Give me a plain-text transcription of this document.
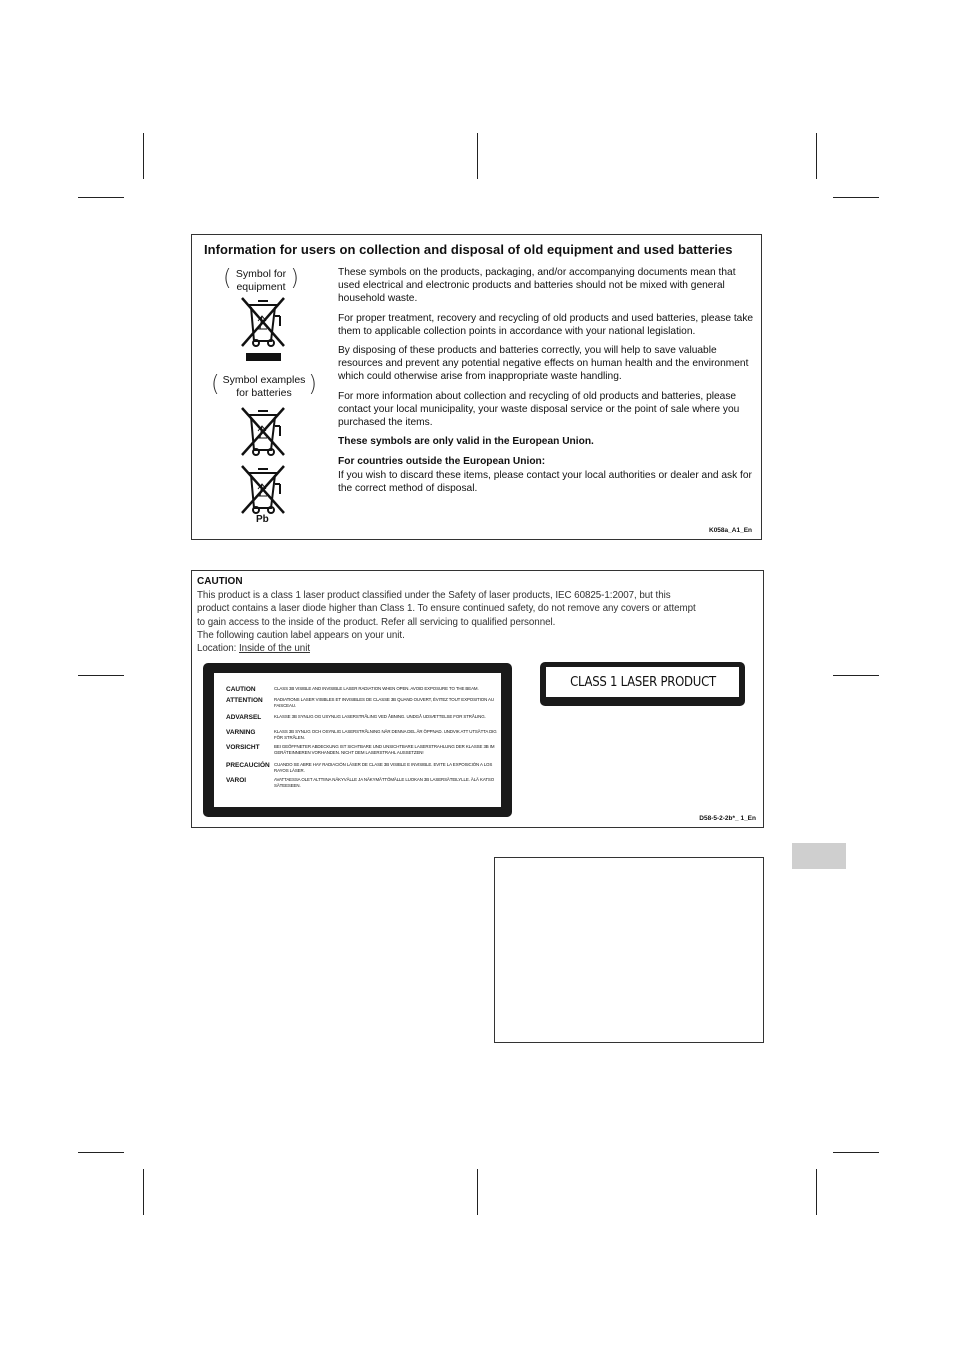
Information for users on collection and disposal of old equipment and used batteries
( Symbol for
equipment )
( Symbol examples
for batteries )
Pb

These symbols on the products, packaging, and/or accompanying documents mean that used electrical and electronic products and batteries should not be mixed with general household waste.

For proper treatment, recovery and recycling of old products and used batteries, please take them to applicable collection points in accordance with your national legislation.

By disposing of these products and batteries correctly, you will help to save valuable resources and prevent any potential negative effects on human health and the environment which could otherwise arise from inappropriate waste handling.

For more information about collection and recycling of old products and batteries, please contact your local municipality, your waste disposal service or the point of sale where you purchased the items.

These symbols are only valid in the European Union.

For countries outside the European Union:

If you wish to discard these items, please contact your local authorities or dealer and ask for the correct method of disposal.

K058a_A1_En
CAUTION
This product is a class 1 laser product classified under the Safety of laser products, IEC 60825-1:2007, but this
product contains a laser diode higher than Class 1. To ensure continued safety, do not remove any covers or attempt
to gain access to the inside of the product. Refer all servicing to qualified personnel.
The following caution label appears on your unit.
Location: Inside of the unit
CAUTION	CLASS 3B VISIBLE AND INVISIBLE LASER RADIATION WHEN OPEN. AVOID EXPOSURE TO THE BEAM.
ATTENTION	RADIATIONS LASER VISIBLES ET INVISIBLES DE CLASSE 3B QUAND OUVERT, ÉVITEZ TOUT EXPOSITION AU FAISCEAU.
ADVARSEL	KLASSE 3B SYNLIG OG USYNLIG LASERSTRÅLING VED ÅBNING. UNDGÅ UDSÆTTELSE FOR STRÅLING.
VARNING	KLASS 3B SYNLIG OCH OSYNLIG LASERSTRÅLNING NÄR DENNA DEL ÄR ÖPPNAD. UNDVIK ATT UTSÄTTA DIG FÖR STRÅLEN.
VORSICHT	BEI GEÖFFNETER ABDECKUNG IST SICHTBARE UND UNSICHTBARE LASERSTRAHLUNG DER KLASSE 3B IM GERÄTEINNEREN VORHANDEN. NICHT DEM LASERSTRAHL AUSSETZEN!
PRECAUCIÓN CUANDO SE ABRE HAY RADIACIÓN LÁSER DE CLASE 3B VISIBLE E INVISIBLE. EVITE LA EXPOSICIÓN A LOS RAYOS LÁSER.
VAROI	AVATTAESSA OLET ALTTIINA NÄKYVÄLLE JA NÄKYMÄTTÖMÄLLE LUOKAN 3B LASERSÄTEILYLLE. ÄLÄ KATSO SÄTEESEEN.
CLASS 1 LASER PRODUCT
D58-5-2-2b*_ 1_En
